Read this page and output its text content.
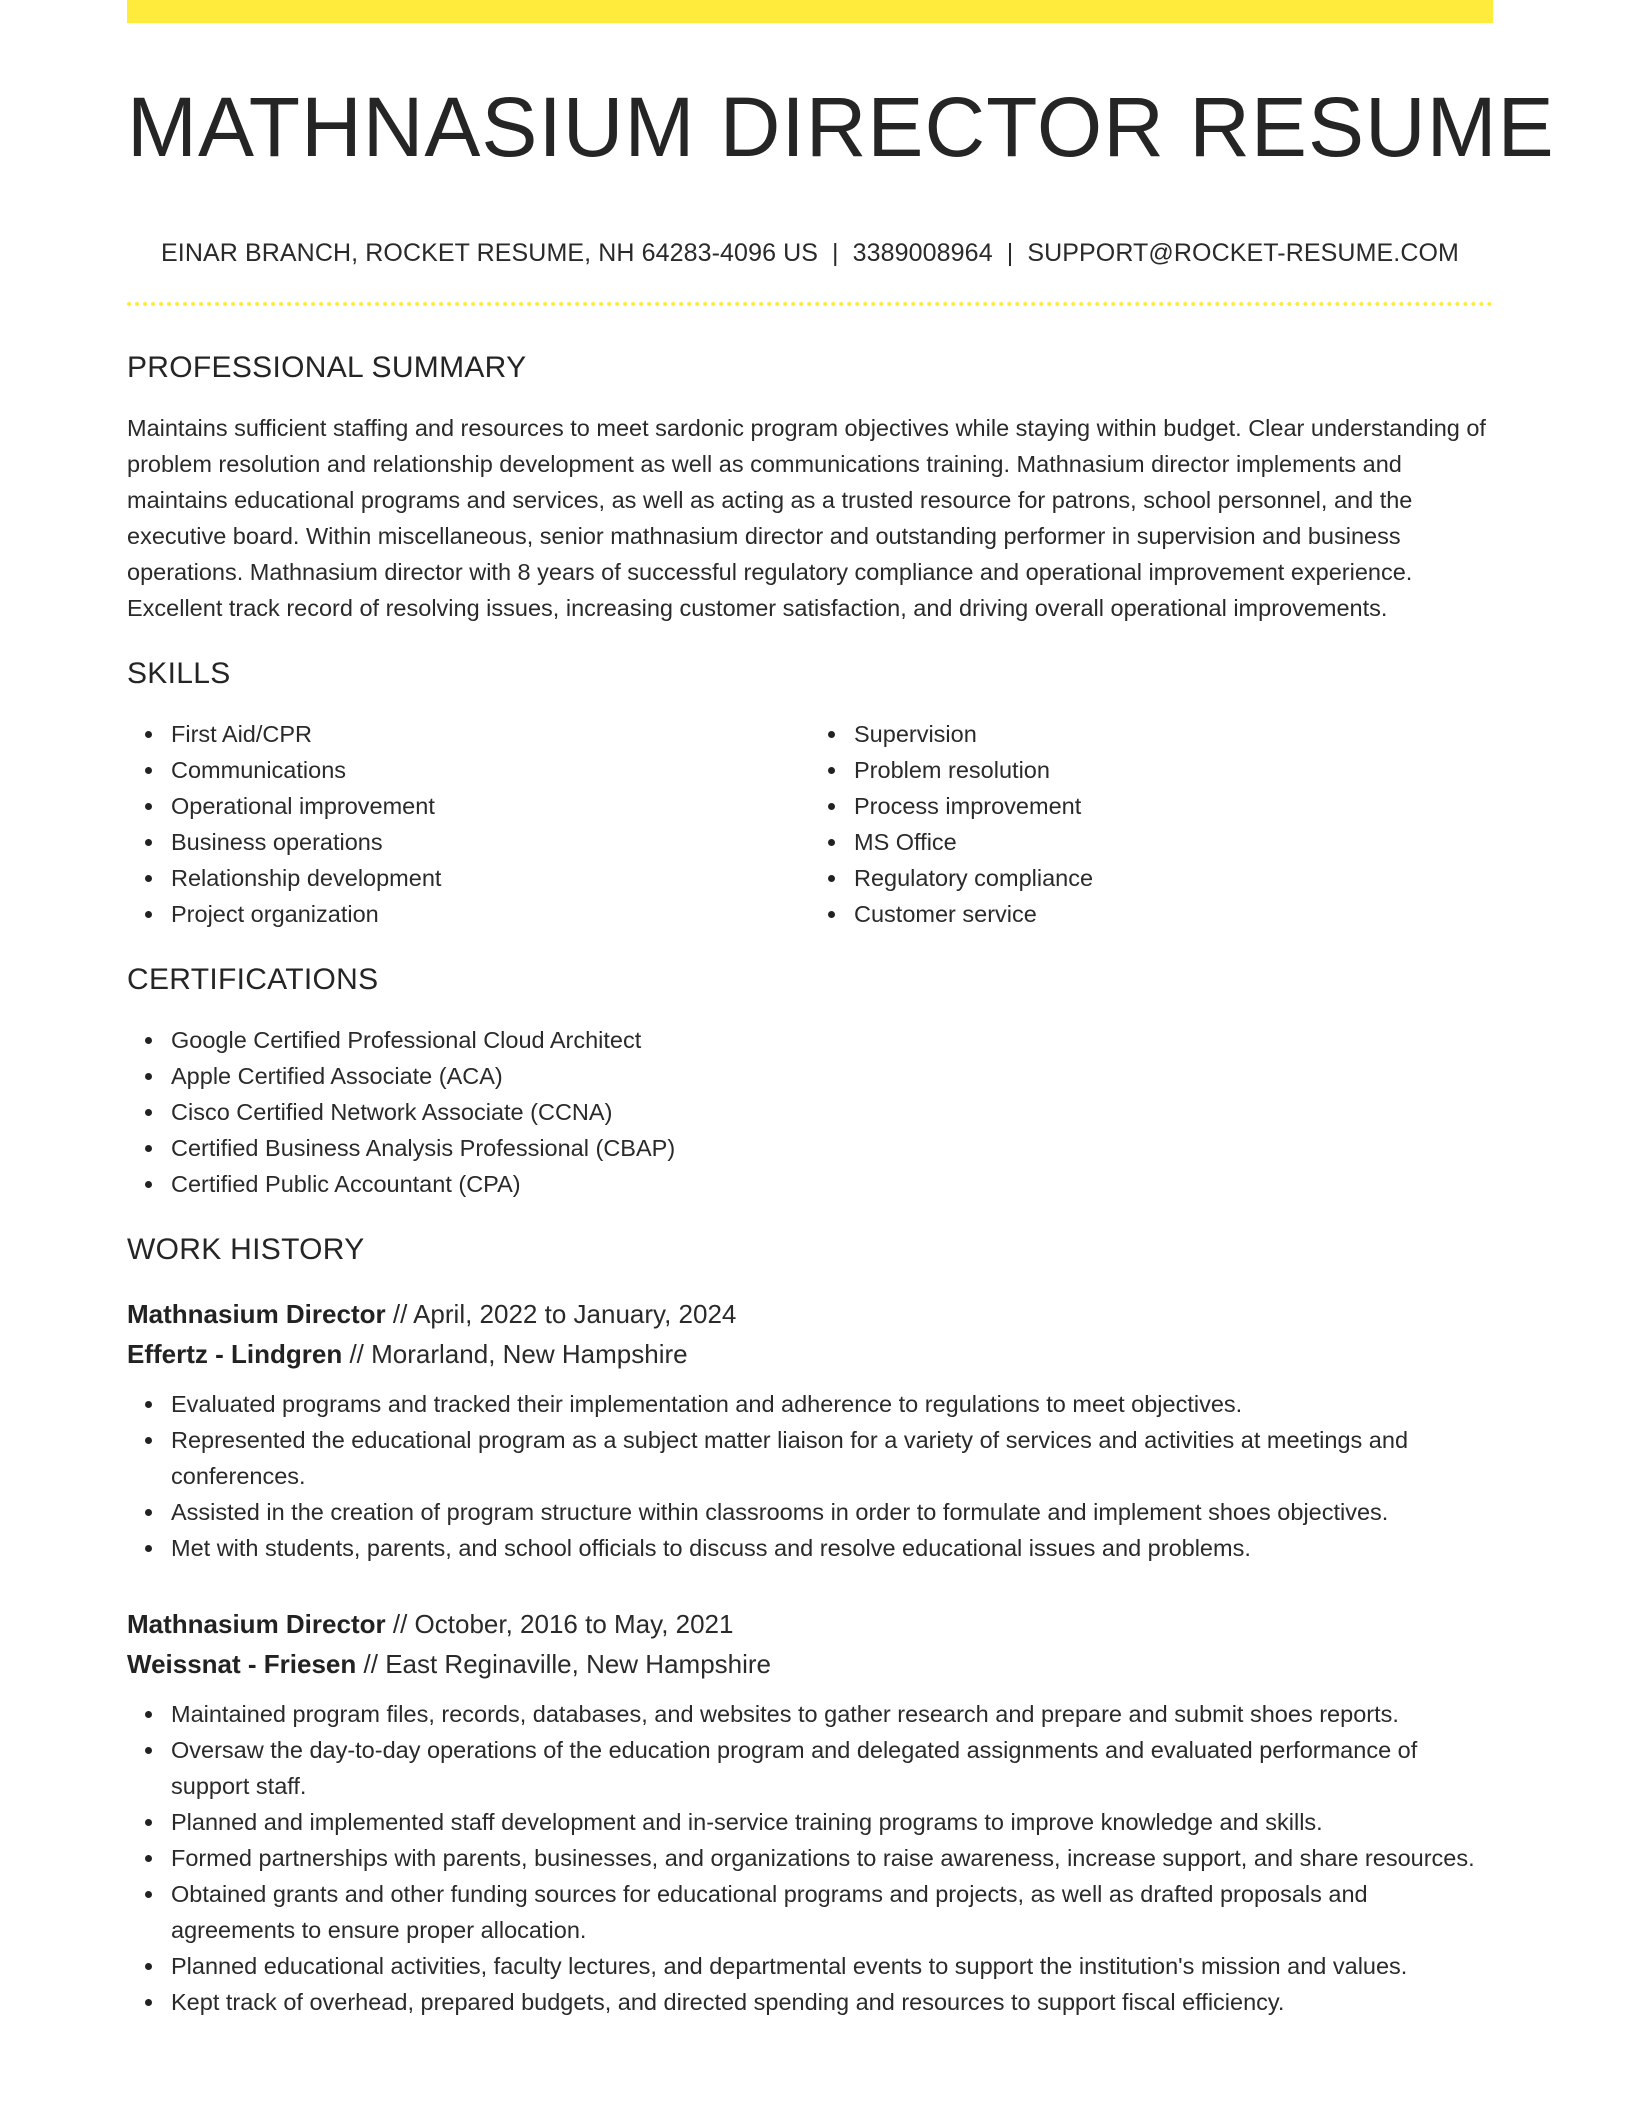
MATHNASIUM DIRECTOR RESUME
EINAR BRANCH, ROCKET RESUME, NH 64283-4096 US | 3389008964 | SUPPORT@ROCKET-RESUME.COM
PROFESSIONAL SUMMARY

Maintains sufficient staffing and resources to meet sardonic program objectives while staying within budget. Clear understanding of problem resolution and relationship development as well as communications training. Mathnasium director implements and maintains educational programs and services, as well as acting as a trusted resource for patrons, school personnel, and the executive board. Within miscellaneous, senior mathnasium director and outstanding performer in supervision and business operations. Mathnasium director with 8 years of successful regulatory compliance and operational improvement experience. Excellent track record of resolving issues, increasing customer satisfaction, and driving overall operational improvements.

SKILLS
First Aid/CPR
Communications
Operational improvement
Business operations
Relationship development
Project organization
Supervision
Problem resolution
Process improvement
MS Office
Regulatory compliance
Customer service
CERTIFICATIONS
Google Certified Professional Cloud Architect
Apple Certified Associate (ACA)
Cisco Certified Network Associate (CCNA)
Certified Business Analysis Professional (CBAP)
Certified Public Accountant (CPA)
WORK HISTORY
Mathnasium Director // April, 2022 to January, 2024
Effertz - Lindgren // Morarland, New Hampshire
Evaluated programs and tracked their implementation and adherence to regulations to meet objectives.
Represented the educational program as a subject matter liaison for a variety of services and activities at meetings and conferences.
Assisted in the creation of program structure within classrooms in order to formulate and implement shoes objectives.
Met with students, parents, and school officials to discuss and resolve educational issues and problems.
Mathnasium Director // October, 2016 to May, 2021
Weissnat - Friesen // East Reginaville, New Hampshire
Maintained program files, records, databases, and websites to gather research and prepare and submit shoes reports.
Oversaw the day-to-day operations of the education program and delegated assignments and evaluated performance of support staff.
Planned and implemented staff development and in-service training programs to improve knowledge and skills.
Formed partnerships with parents, businesses, and organizations to raise awareness, increase support, and share resources.
Obtained grants and other funding sources for educational programs and projects, as well as drafted proposals and agreements to ensure proper allocation.
Planned educational activities, faculty lectures, and departmental events to support the institution's mission and values.
Kept track of overhead, prepared budgets, and directed spending and resources to support fiscal efficiency.
